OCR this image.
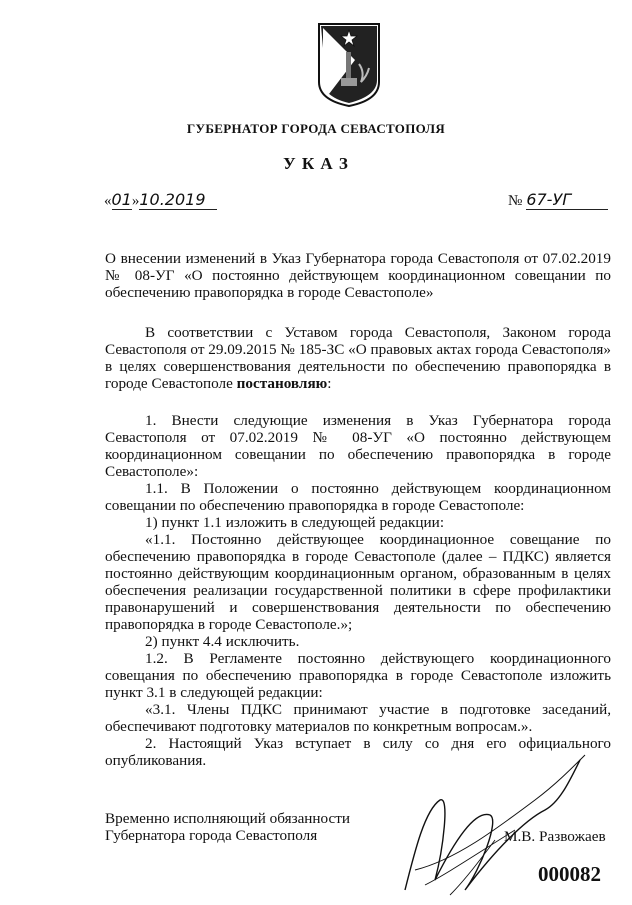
ГУБЕРНАТОР ГОРОДА СЕВАСТОПОЛЯ
У К А З
«01»10.2019	№ 67-УГ

О внесении изменений в Указ Губернатора города Севастополя от 07.02.2019 № 08-УГ «О постоянно действующем координационном совещании по обеспечению правопорядка в городе Севастополе»

В соответствии с Уставом города Севастополя, Законом города Севастополя от 29.09.2015 № 185-ЗС «О правовых актах города Севастополя» в целях совершенствования деятельности по обеспечению правопорядка в городе Севастополе постановляю:

1. Внести следующие изменения в Указ Губернатора города Севастополя от 07.02.2019 № 08-УГ «О постоянно действующем координационном совещании по обеспечению правопорядка в городе Севастополе»:

1.1. В Положении о постоянно действующем координационном совещании по обеспечению правопорядка в городе Севастополе:

1) пункт 1.1 изложить в следующей редакции:

«1.1. Постоянно действующее координационное совещание по обеспечению правопорядка в городе Севастополе (далее – ПДКС) является постоянно действующим координационным органом, образованным в целях обеспечения реализации государственной политики в сфере профилактики правонарушений и совершенствования деятельности по обеспечению правопорядка в городе Севастополе.»;

2) пункт 4.4 исключить.

1.2. В Регламенте постоянно действующего координационного совещания по обеспечению правопорядка в городе Севастополе изложить пункт 3.1 в следующей редакции:

«3.1. Члены ПДКС принимают участие в подготовке заседаний, обеспечивают подготовку материалов по конкретным вопросам.».

2. Настоящий Указ вступает в силу со дня его официального опубликования.

Временно исполняющий обязанности
Губернатора города Севастополя	М.В. Развожаев
000082
